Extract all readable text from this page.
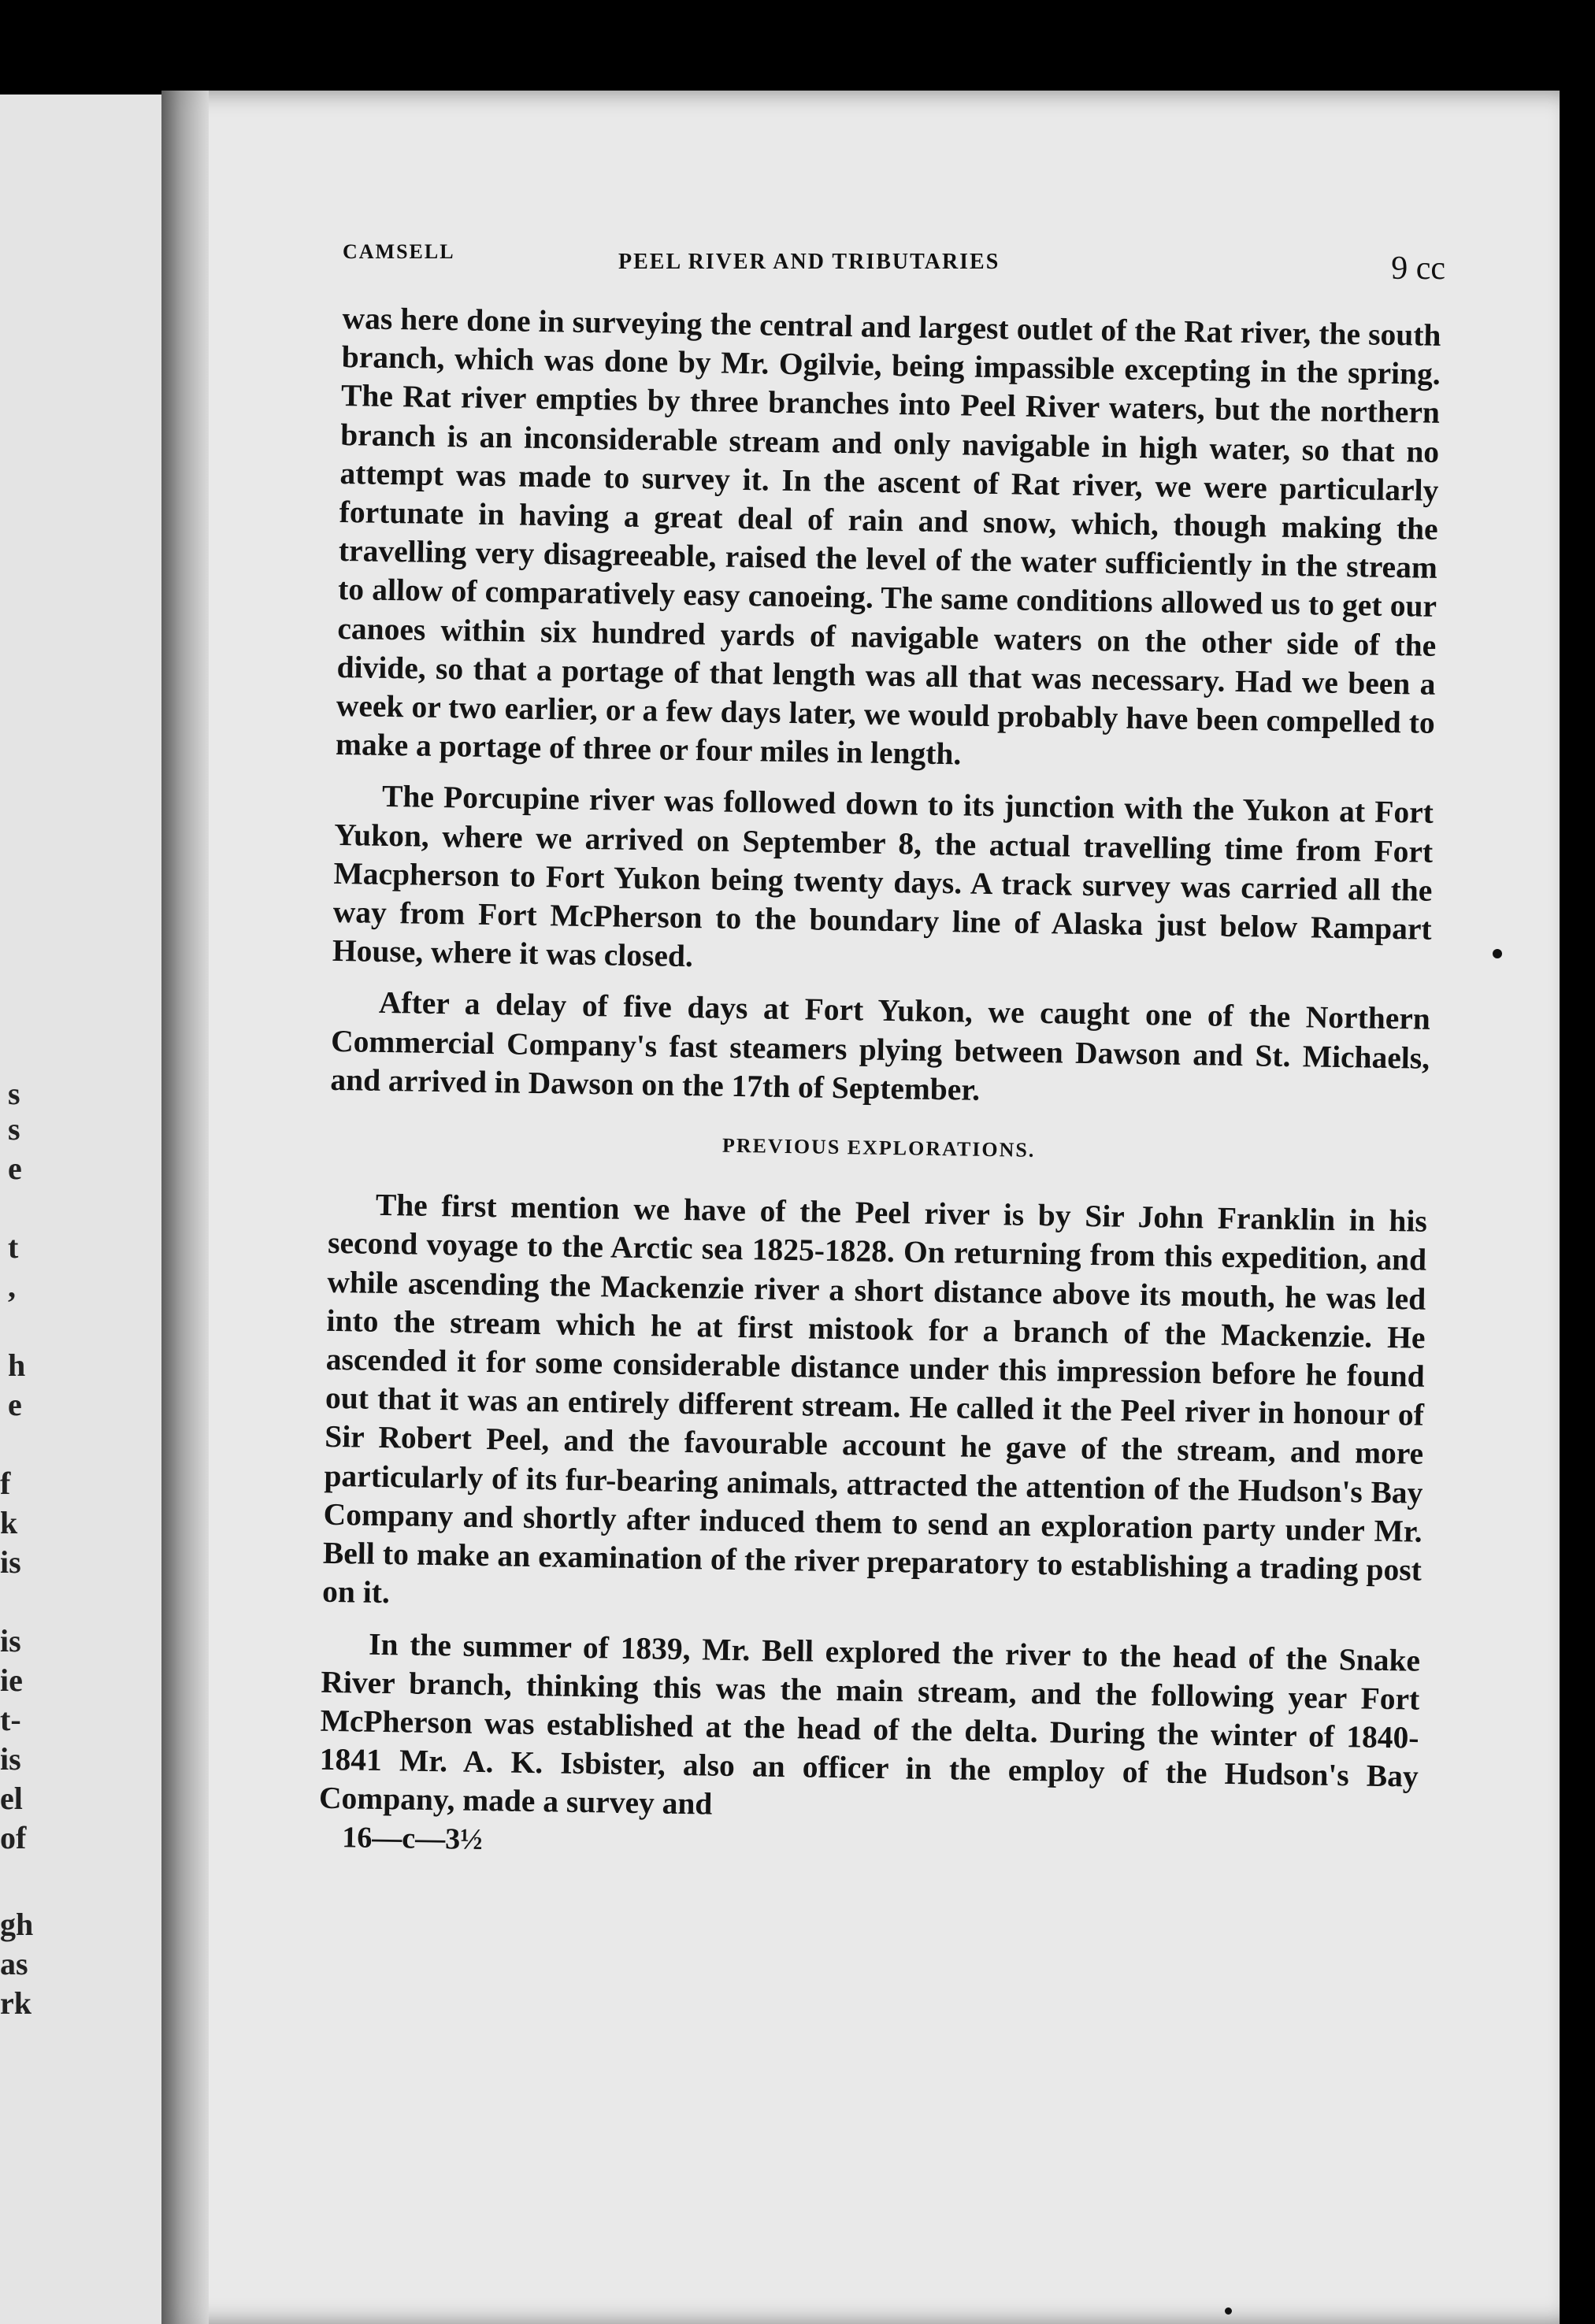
s
s
e
t
,
h
e
f
k
is
is
ie
t-
is
el
of
gh
as
rk
CAMSELL	PEEL RIVER AND TRIBUTARIES	9 cc

was here done in surveying the central and largest outlet of the Rat river, the south branch, which was done by Mr. Ogilvie, being impassible excepting in the spring. The Rat river empties by three branches into Peel River waters, but the northern branch is an inconsiderable stream and only navigable in high water, so that no attempt was made to survey it. In the ascent of Rat river, we were particularly fortunate in having a great deal of rain and snow, which, though making the travelling very disagreeable, raised the level of the water sufficiently in the stream to allow of comparatively easy canoeing. The same conditions allowed us to get our canoes within six hundred yards of navigable waters on the other side of the divide, so that a portage of that length was all that was necessary. Had we been a week or two earlier, or a few days later, we would probably have been compelled to make a portage of three or four miles in length.

The Porcupine river was followed down to its junction with the Yukon at Fort Yukon, where we arrived on September 8, the actual travelling time from Fort Macpherson to Fort Yukon being twenty days. A track survey was carried all the way from Fort McPherson to the boundary line of Alaska just below Rampart House, where it was closed.

After a delay of five days at Fort Yukon, we caught one of the Northern Commercial Company's fast steamers plying between Dawson and St. Michaels, and arrived in Dawson on the 17th of September.

PREVIOUS EXPLORATIONS.

The first mention we have of the Peel river is by Sir John Franklin in his second voyage to the Arctic sea 1825-1828. On returning from this expedition, and while ascending the Mackenzie river a short distance above its mouth, he was led into the stream which he at first mistook for a branch of the Mackenzie. He ascended it for some considerable distance under this impression before he found out that it was an entirely different stream. He called it the Peel river in honour of Sir Robert Peel, and the favourable account he gave of the stream, and more particularly of its fur-bearing animals, attracted the attention of the Hudson's Bay Company and shortly after induced them to send an exploration party under Mr. Bell to make an examination of the river preparatory to establishing a trading post on it.

In the summer of 1839, Mr. Bell explored the river to the head of the Snake River branch, thinking this was the main stream, and the following year Fort McPherson was established at the head of the delta. During the winter of 1840-1841 Mr. A. K. Isbister, also an officer in the employ of the Hudson's Bay Company, made a survey and

16—c—3½
